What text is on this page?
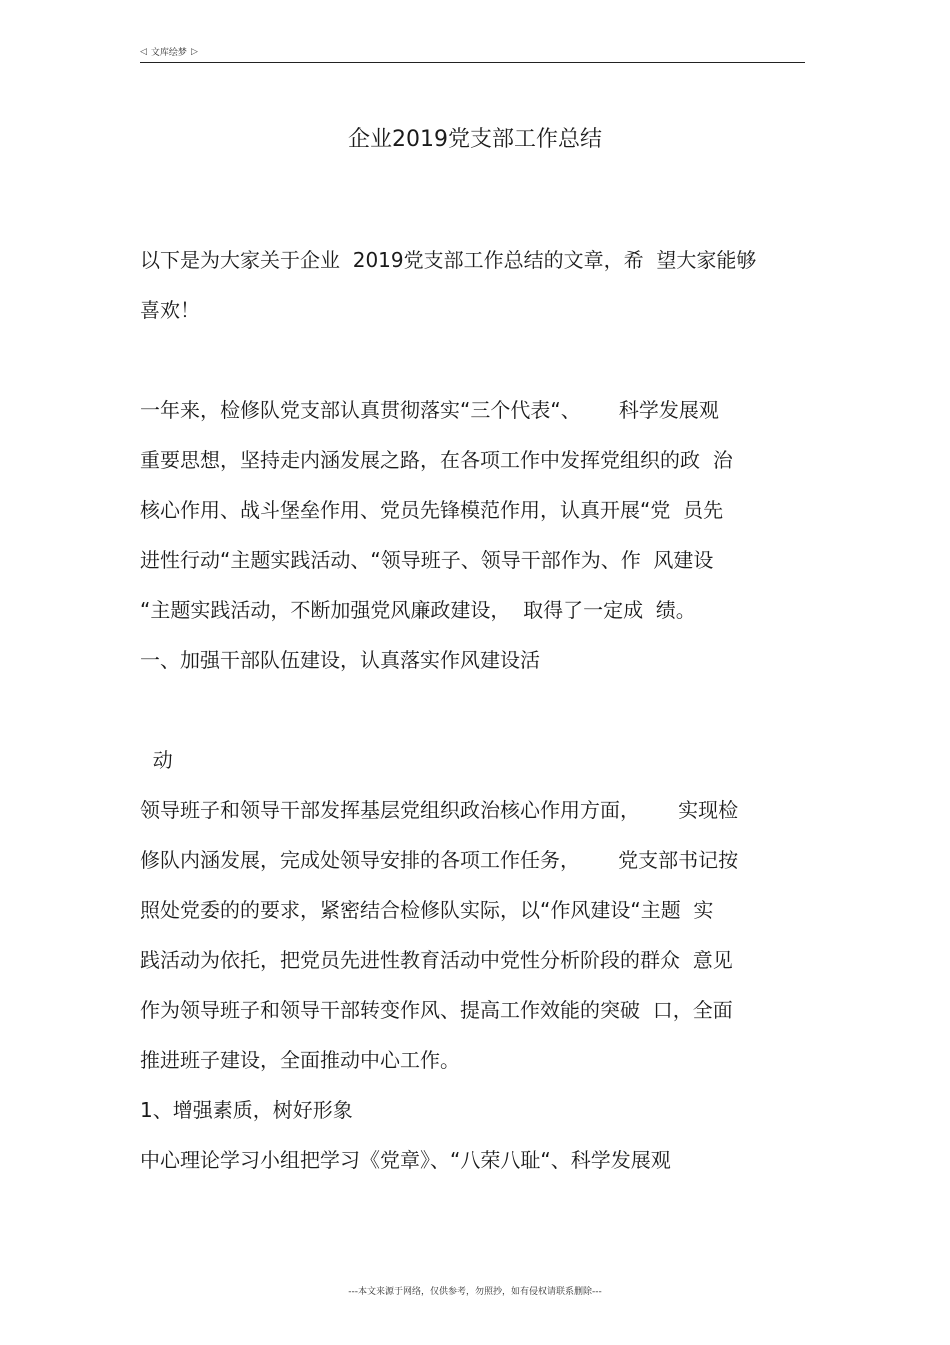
◁ 文库绘梦 ▷
企业2019党支部工作总结
以下是为大家关于企业  2019党支部工作总结的文章，希  望大家能够
喜欢！
一年来，检修队党支部认真贯彻落实“三个代表“、      科学发展观
重要思想，坚持走内涵发展之路，在各项工作中发挥党组织的政  治
核心作用、战斗堡垒作用、党员先锋模范作用，认真开展“党  员先
进性行动“主题实践活动、“领导班子、领导干部作为、作  风建设
“主题实践活动，不断加强党风廉政建设，  取得了一定成  绩。
一、加强干部队伍建设，认真落实作风建设活
动
领导班子和领导干部发挥基层党组织政治核心作用方面，      实现检
修队内涵发展，完成处领导安排的各项工作任务，      党支部书记按
照处党委的的要求，紧密结合检修队实际，以“作风建设“主题  实
践活动为依托，把党员先进性教育活动中党性分析阶段的群众  意见
作为领导班子和领导干部转变作风、提高工作效能的突破  口，全面
推进班子建设，全面推动中心工作。
1、增强素质，树好形象
中心理论学习小组把学习《党章》、“八荣八耻“、科学发展观
---本文来源于网络，仅供参考，勿照抄，如有侵权请联系删除---
